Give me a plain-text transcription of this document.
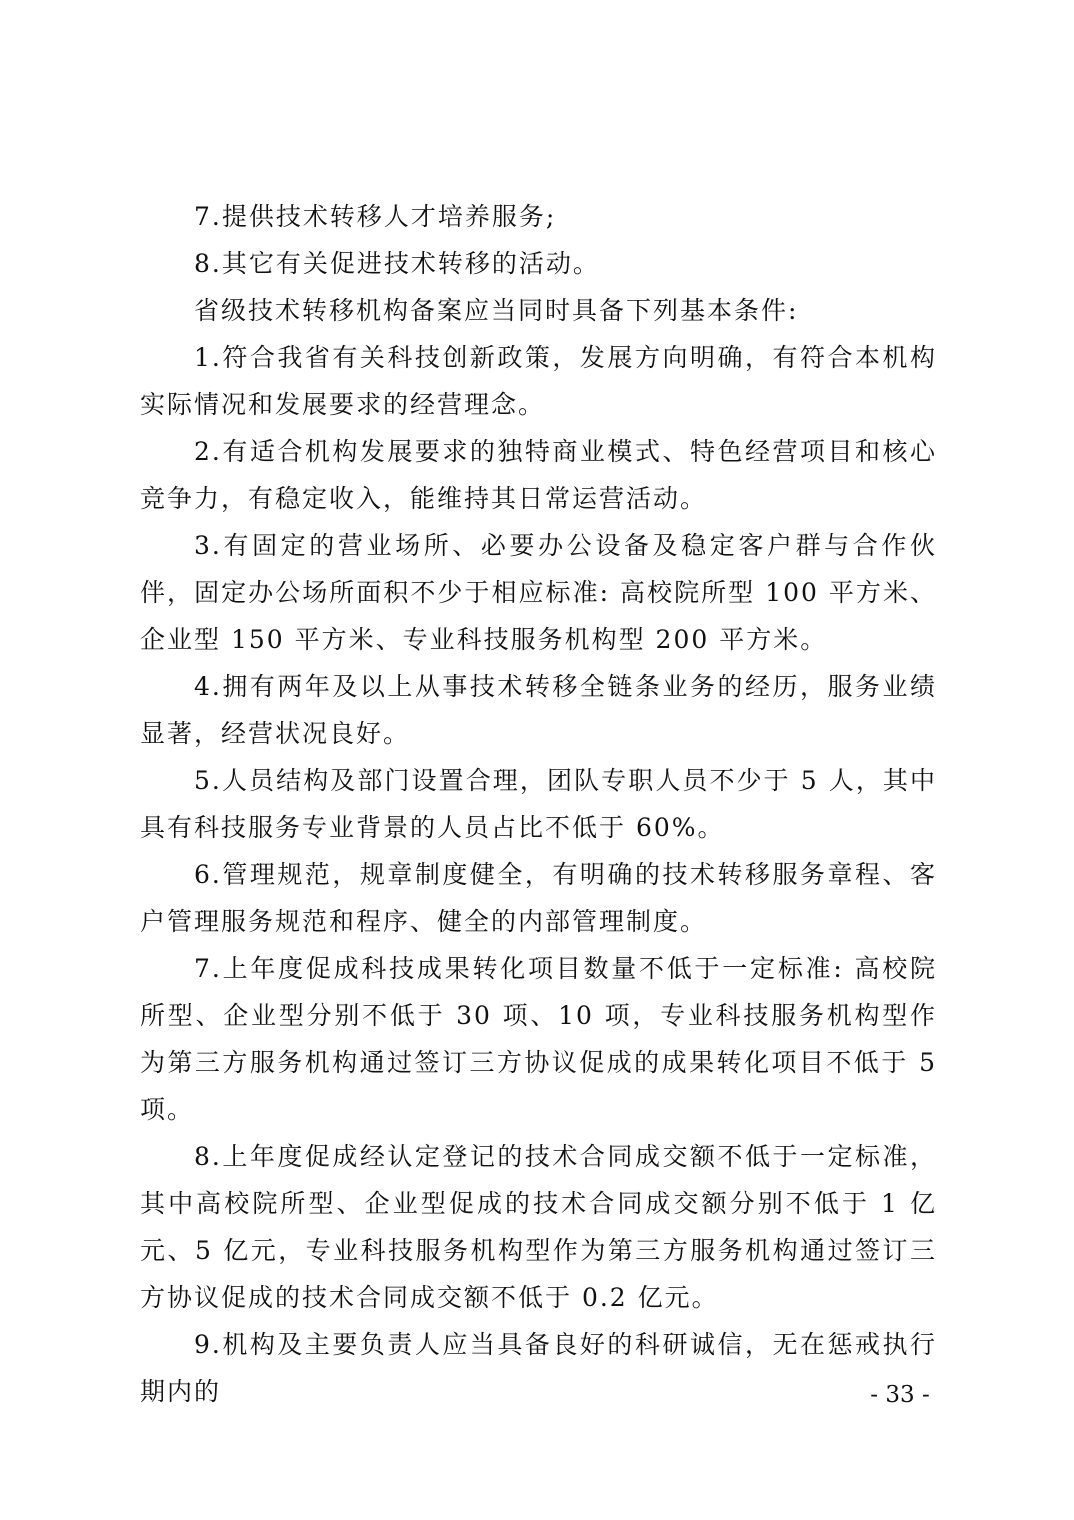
7.提供技术转移人才培养服务;

8.其它有关促进技术转移的活动。

省级技术转移机构备案应当同时具备下列基本条件:

1.符合我省有关科技创新政策，发展方向明确，有符合本机构实际情况和发展要求的经营理念。

2.有适合机构发展要求的独特商业模式、特色经营项目和核心竞争力，有稳定收入，能维持其日常运营活动。

3.有固定的营业场所、必要办公设备及稳定客户群与合作伙伴，固定办公场所面积不少于相应标准: 高校院所型 100 平方米、企业型 150 平方米、专业科技服务机构型 200 平方米。

4.拥有两年及以上从事技术转移全链条业务的经历，服务业绩显著，经营状况良好。

5.人员结构及部门设置合理，团队专职人员不少于 5 人，其中具有科技服务专业背景的人员占比不低于 60%。

6.管理规范，规章制度健全，有明确的技术转移服务章程、客户管理服务规范和程序、健全的内部管理制度。

7.上年度促成科技成果转化项目数量不低于一定标准: 高校院所型、企业型分别不低于 30 项、10 项，专业科技服务机构型作为第三方服务机构通过签订三方协议促成的成果转化项目不低于 5 项。

8.上年度促成经认定登记的技术合同成交额不低于一定标准，其中高校院所型、企业型促成的技术合同成交额分别不低于 1 亿元、5 亿元，专业科技服务机构型作为第三方服务机构通过签订三方协议促成的技术合同成交额不低于 0.2 亿元。

9.机构及主要负责人应当具备良好的科研诚信，无在惩戒执行期内的	- 33 -
